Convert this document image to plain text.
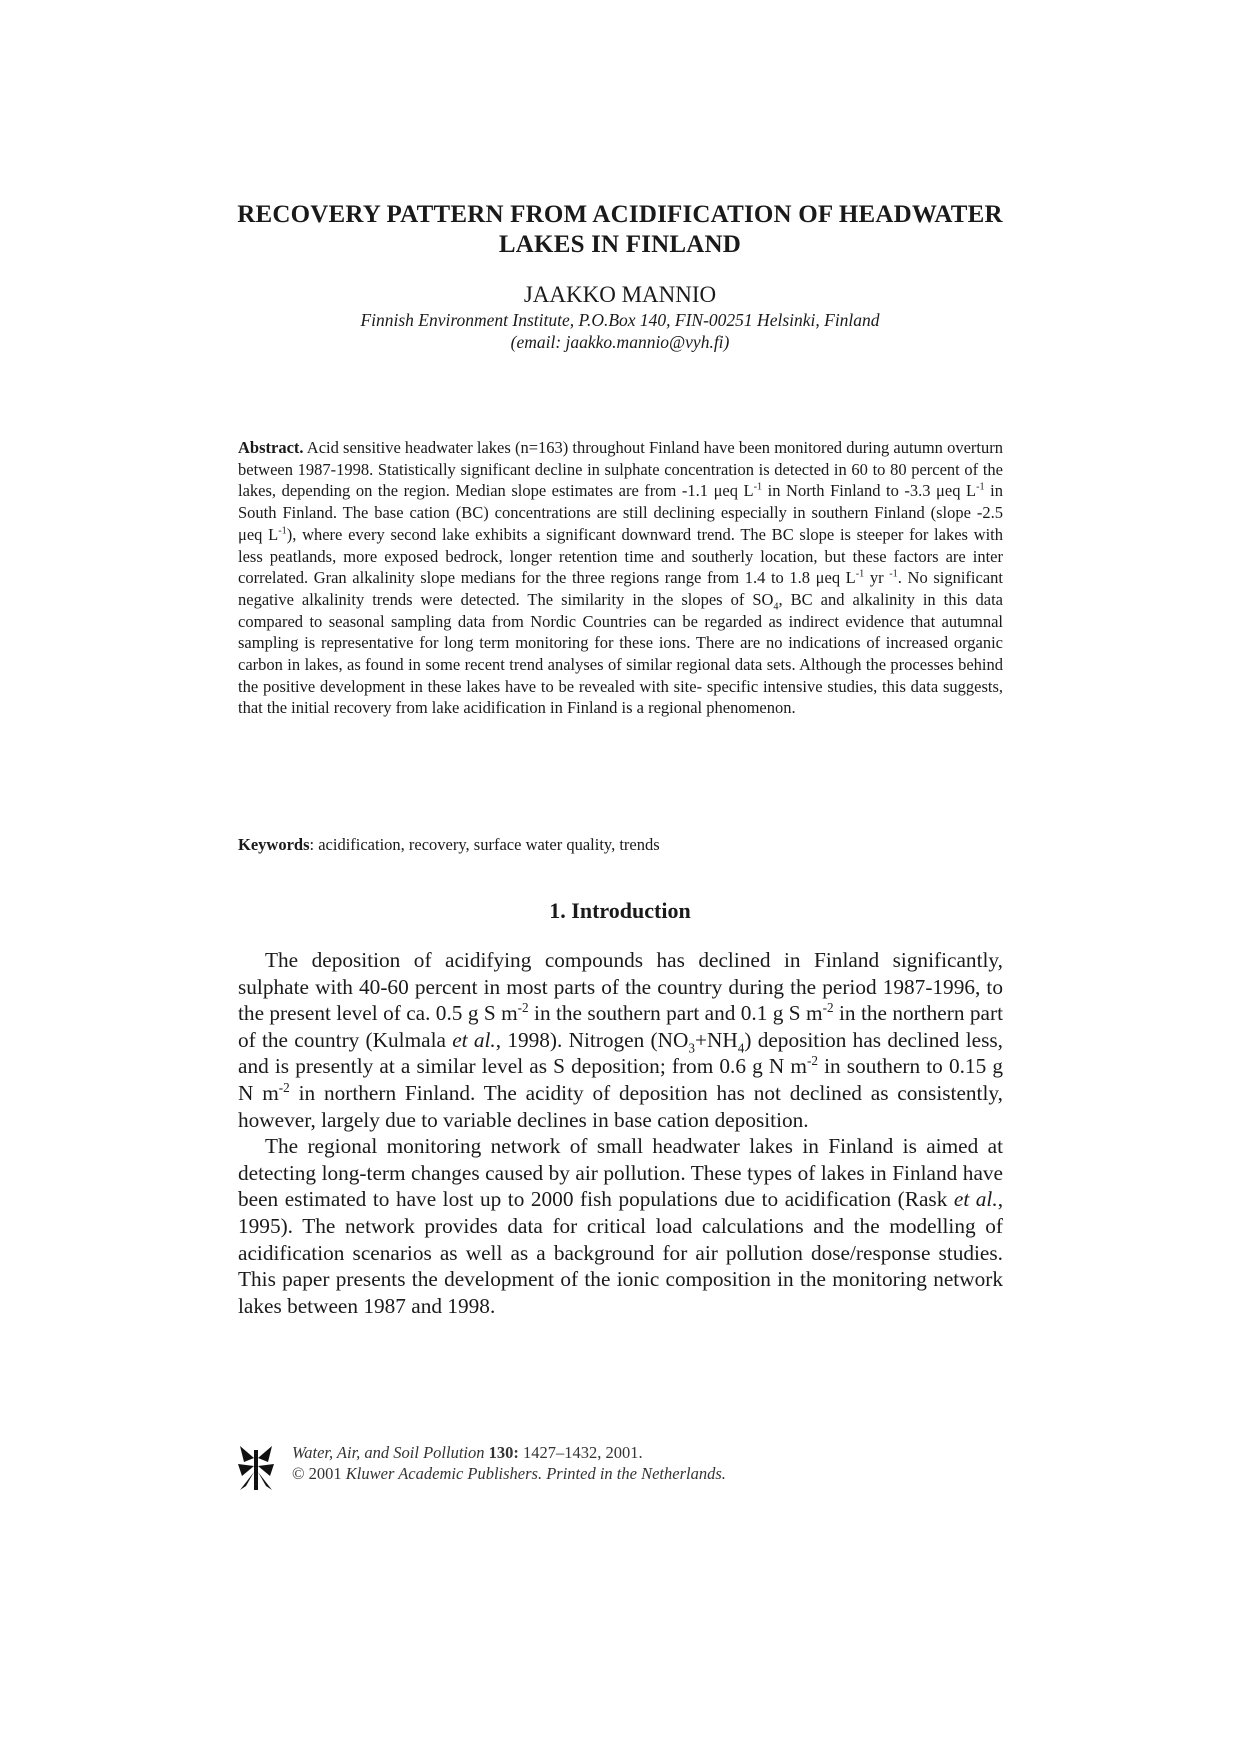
RECOVERY PATTERN FROM ACIDIFICATION OF HEADWATER LAKES IN FINLAND
JAAKKO MANNIO
Finnish Environment Institute, P.O.Box 140, FIN-00251 Helsinki, Finland
(email: jaakko.mannio@vyh.fi)
Abstract. Acid sensitive headwater lakes (n=163) throughout Finland have been monitored during autumn overturn between 1987-1998. Statistically significant decline in sulphate concentration is detected in 60 to 80 percent of the lakes, depending on the region. Median slope estimates are from -1.1 μeq $L^{-1}$ in North Finland to -3.3 μeq $L^{-1}$ in South Finland. The base cation (BC) concentrations are still declining especially in southern Finland (slope -2.5 μeq $L^{-1}$), where every second lake exhibits a significant downward trend. The BC slope is steeper for lakes with less peatlands, more exposed bedrock, longer retention time and southerly location, but these factors are inter correlated. Gran alkalinity slope medians for the three regions range from 1.4 to 1.8 μeq $L^{-1}$ yr $^{-1}$. No significant negative alkalinity trends were detected. The similarity in the slopes of $SO_4$, BC and alkalinity in this data compared to seasonal sampling data from Nordic Countries can be regarded as indirect evidence that autumnal sampling is representative for long term monitoring for these ions. There are no indications of increased organic carbon in lakes, as found in some recent trend analyses of similar regional data sets. Although the processes behind the positive development in these lakes have to be revealed with site- specific intensive studies, this data suggests, that the initial recovery from lake acidification in Finland is a regional phenomenon.
Keywords: acidification, recovery, surface water quality, trends
1. Introduction

The deposition of acidifying compounds has declined in Finland significantly, sulphate with 40-60 percent in most parts of the country during the period 1987-1996, to the present level of ca. 0.5 g S $m^{-2}$ in the southern part and 0.1 g S $m^{-2}$ in the northern part of the country (Kulmala et al., 1998). Nitrogen $(NO_3+NH_4)$ deposition has declined less, and is presently at a similar level as S deposition; from 0.6 g N $m^{-2}$ in southern to 0.15 g N $m^{-2}$ in northern Finland. The acidity of deposition has not declined as consistently, however, largely due to variable declines in base cation deposition.

The regional monitoring network of small headwater lakes in Finland is aimed at detecting long-term changes caused by air pollution. These types of lakes in Finland have been estimated to have lost up to 2000 fish populations due to acidification (Rask et al., 1995). The network provides data for critical load calculations and the modelling of acidification scenarios as well as a background for air pollution dose/response studies. This paper presents the development of the ionic composition in the monitoring network lakes between 1987 and 1998.

Water, Air, and Soil Pollution 130: 1427–1432, 2001.
© 2001 Kluwer Academic Publishers. Printed in the Netherlands.
